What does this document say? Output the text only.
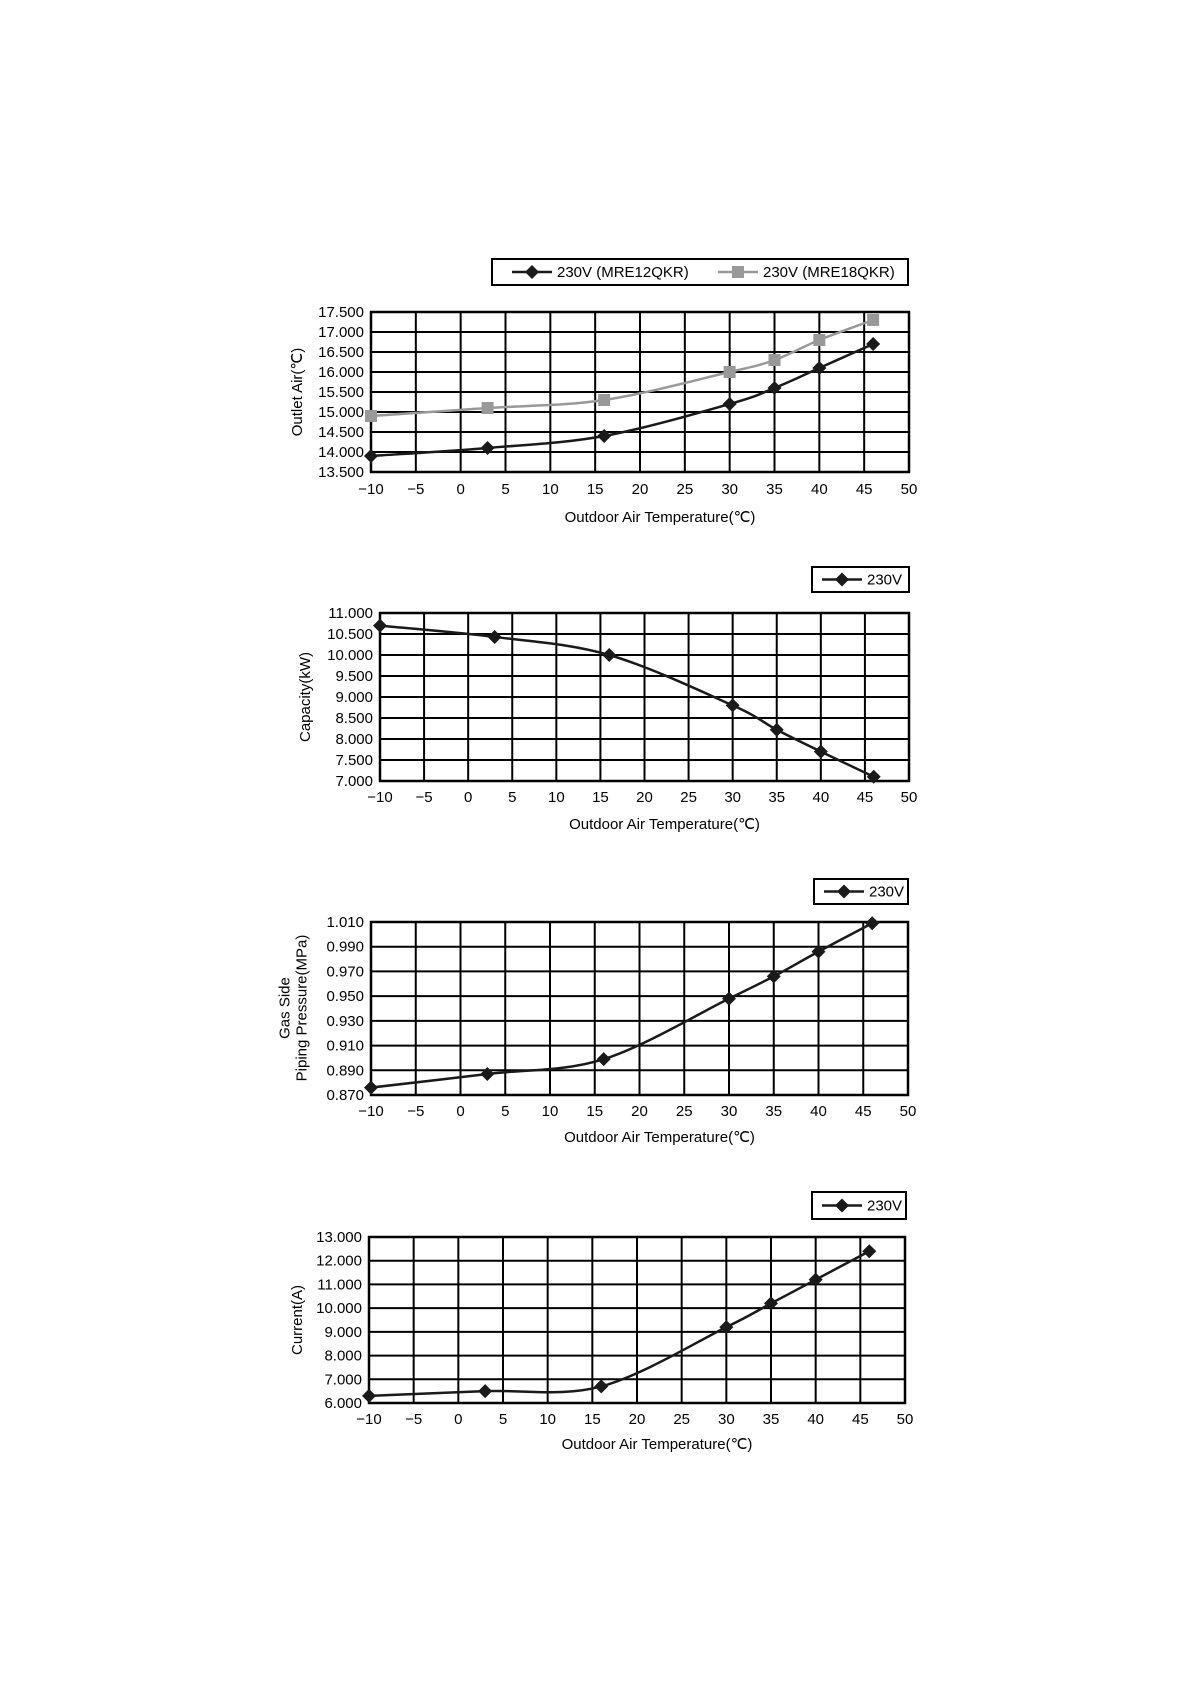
−10 −5 0 5 10 15 20 25 30 35 40 45 50
13.500
14.000
14.500
15.000
15.500
16.000
16.500
17.000
17.500
Outdoor Air Temperature(℃)
Outlet Air(℃)
230V (MRE12QKR)	230V (MRE18QKR)
−10 −5 0 5 10 15 20 25 30 35 40 45 50
7.000
7.500
8.000
8.500
9.000
9.500
10.000
10.500
11.000
Outdoor Air Temperature(℃)
Capacity(kW)
230V
−10 −5 0 5 10 15 20 25 30 35 40 45 50
0.870
0.890
0.910
0.930
0.950
0.970
0.990
1.010
Outdoor Air Temperature(℃)
Gas Side Piping Pressure(MPa)
230V
−10 −5 0 5 10 15 20 25 30 35 40 45 50
6.000
7.000
8.000
9.000
10.000
11.000
12.000
13.000
Outdoor Air Temperature(℃)
Current(A)
230V
